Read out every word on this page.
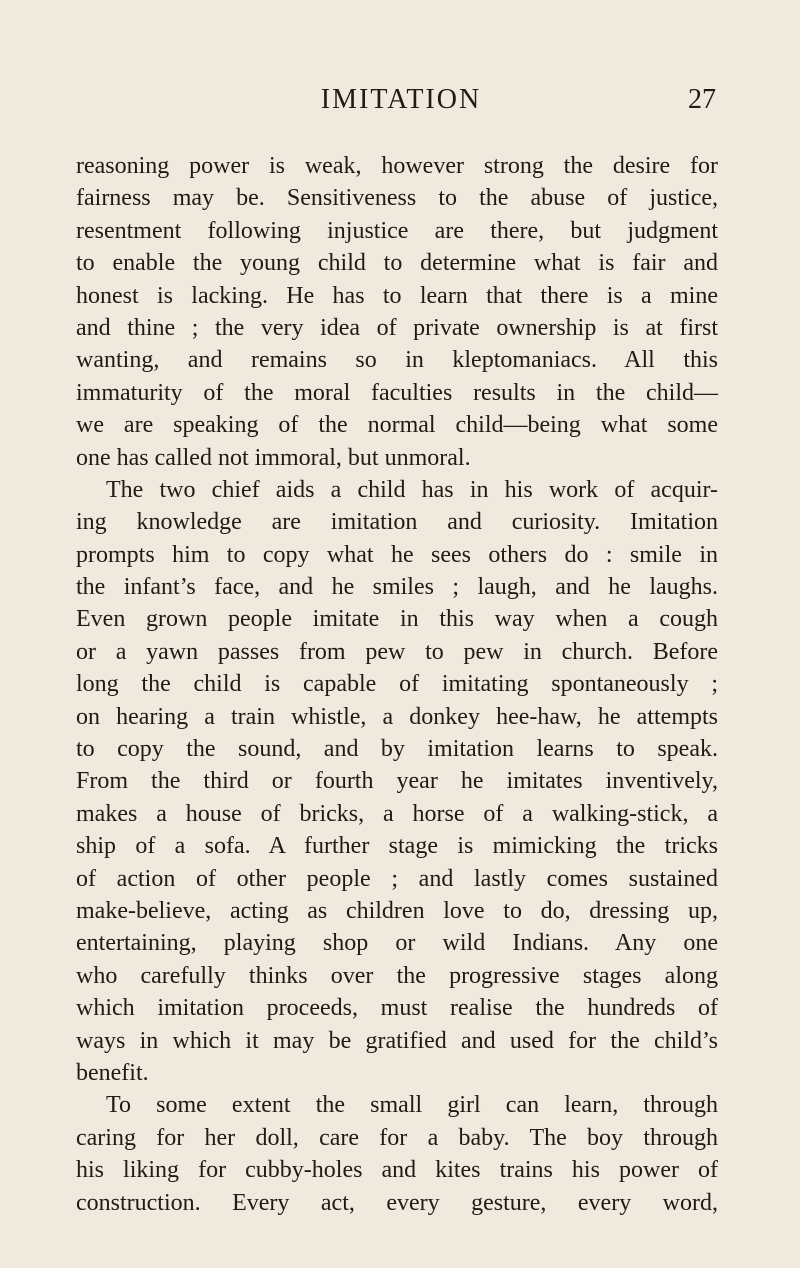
IMITATION	27
reasoning power is weak, however strong the desire for
fairness may be. Sensitiveness to the abuse of justice,
resentment following injustice are there, but judgment
to enable the young child to determine what is fair and
honest is lacking. He has to learn that there is a mine
and thine ; the very idea of private ownership is at first
wanting, and remains so in kleptomaniacs. All this
immaturity of the moral faculties results in the child—
we are speaking of the normal child—being what some
one has called not immoral, but unmoral.
The two chief aids a child has in his work of acquir-
ing knowledge are imitation and curiosity. Imitation
prompts him to copy what he sees others do : smile in
the infant’s face, and he smiles ; laugh, and he laughs.
Even grown people imitate in this way when a cough
or a yawn passes from pew to pew in church. Before
long the child is capable of imitating spontaneously ;
on hearing a train whistle, a donkey hee-haw, he attempts
to copy the sound, and by imitation learns to speak.
From the third or fourth year he imitates inventively,
makes a house of bricks, a horse of a walking-stick, a
ship of a sofa. A further stage is mimicking the tricks
of action of other people ; and lastly comes sustained
make-believe, acting as children love to do, dressing up,
entertaining, playing shop or wild Indians. Any one
who carefully thinks over the progressive stages along
which imitation proceeds, must realise the hundreds of
ways in which it may be gratified and used for the child’s
benefit.
To some extent the small girl can learn, through
caring for her doll, care for a baby. The boy through
his liking for cubby-holes and kites trains his power of
construction. Every act, every gesture, every word,
